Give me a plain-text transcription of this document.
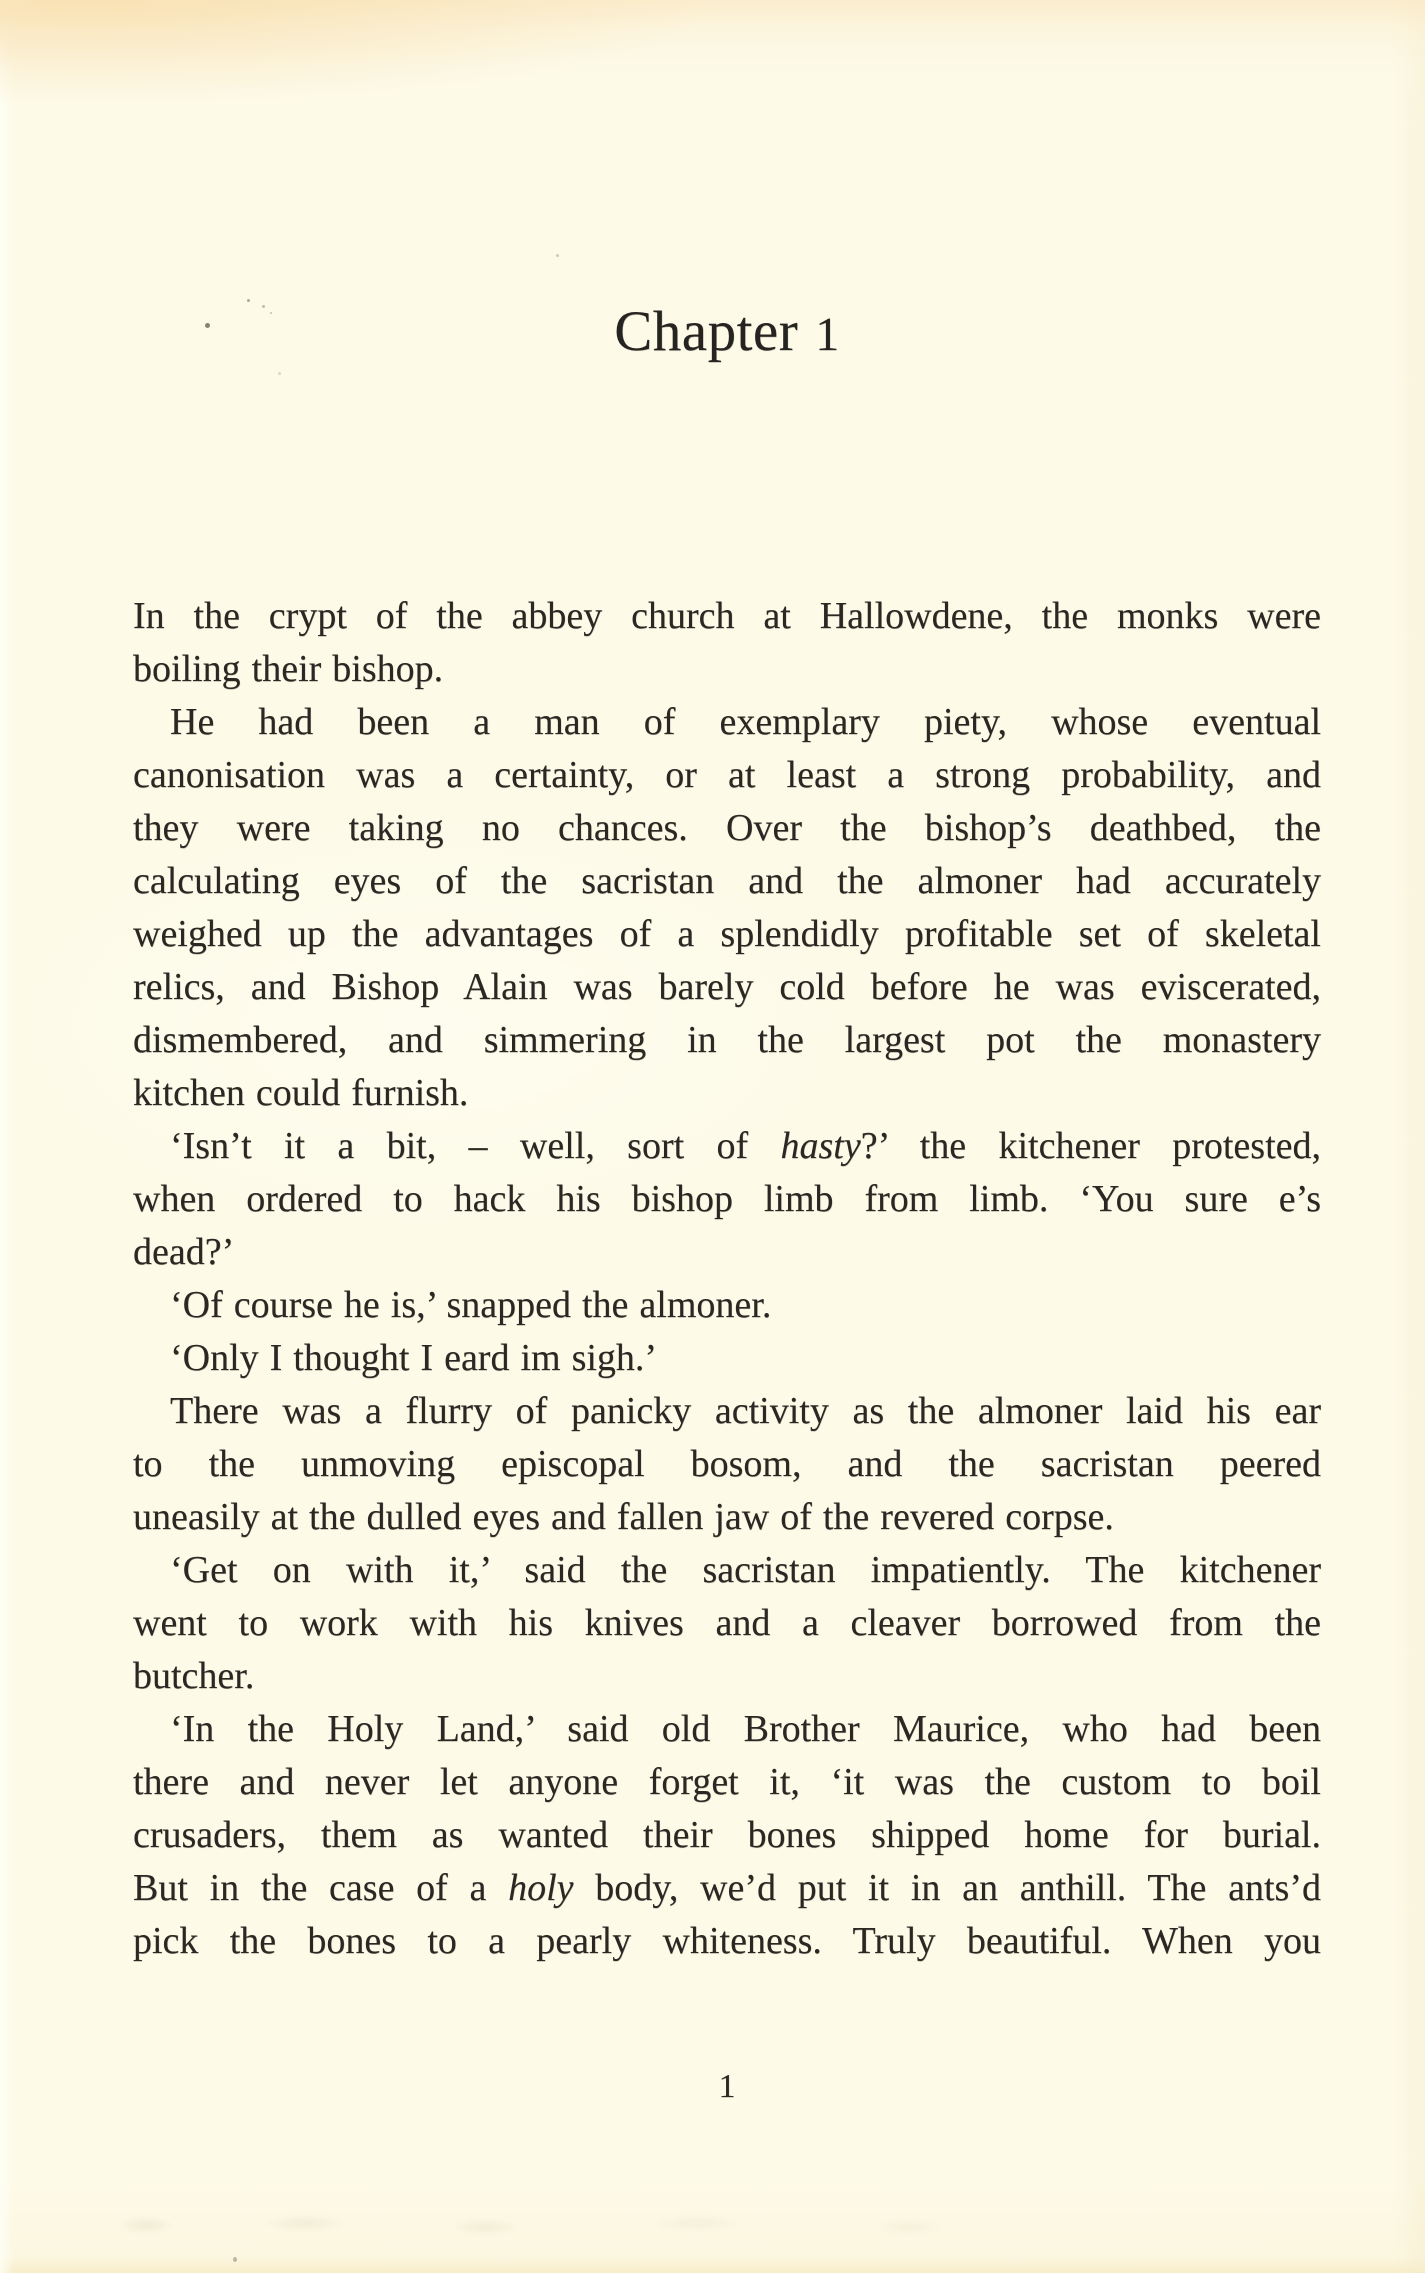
Chapter 1
In the crypt of the abbey church at Hallowdene, the monks were
boiling their bishop.
He had been a man of exemplary piety, whose eventual
canonisation was a certainty, or at least a strong probability, and
they were taking no chances. Over the bishop’s deathbed, the
calculating eyes of the sacristan and the almoner had accurately
weighed up the advantages of a splendidly profitable set of skeletal
relics, and Bishop Alain was barely cold before he was eviscerated,
dismembered, and simmering in the largest pot the monastery
kitchen could furnish.
‘Isn’t it a bit, – well, sort of hasty?’ the kitchener protested,
when ordered to hack his bishop limb from limb. ‘You sure e’s
dead?’
‘Of course he is,’ snapped the almoner.
‘Only I thought I eard im sigh.’
There was a flurry of panicky activity as the almoner laid his ear
to the unmoving episcopal bosom, and the sacristan peered
uneasily at the dulled eyes and fallen jaw of the revered corpse.
‘Get on with it,’ said the sacristan impatiently. The kitchener
went to work with his knives and a cleaver borrowed from the
butcher.
‘In the Holy Land,’ said old Brother Maurice, who had been
there and never let anyone forget it, ‘it was the custom to boil
crusaders, them as wanted their bones shipped home for burial.
But in the case of a holy body, we’d put it in an anthill. The ants’d
pick the bones to a pearly whiteness. Truly beautiful. When you
1
